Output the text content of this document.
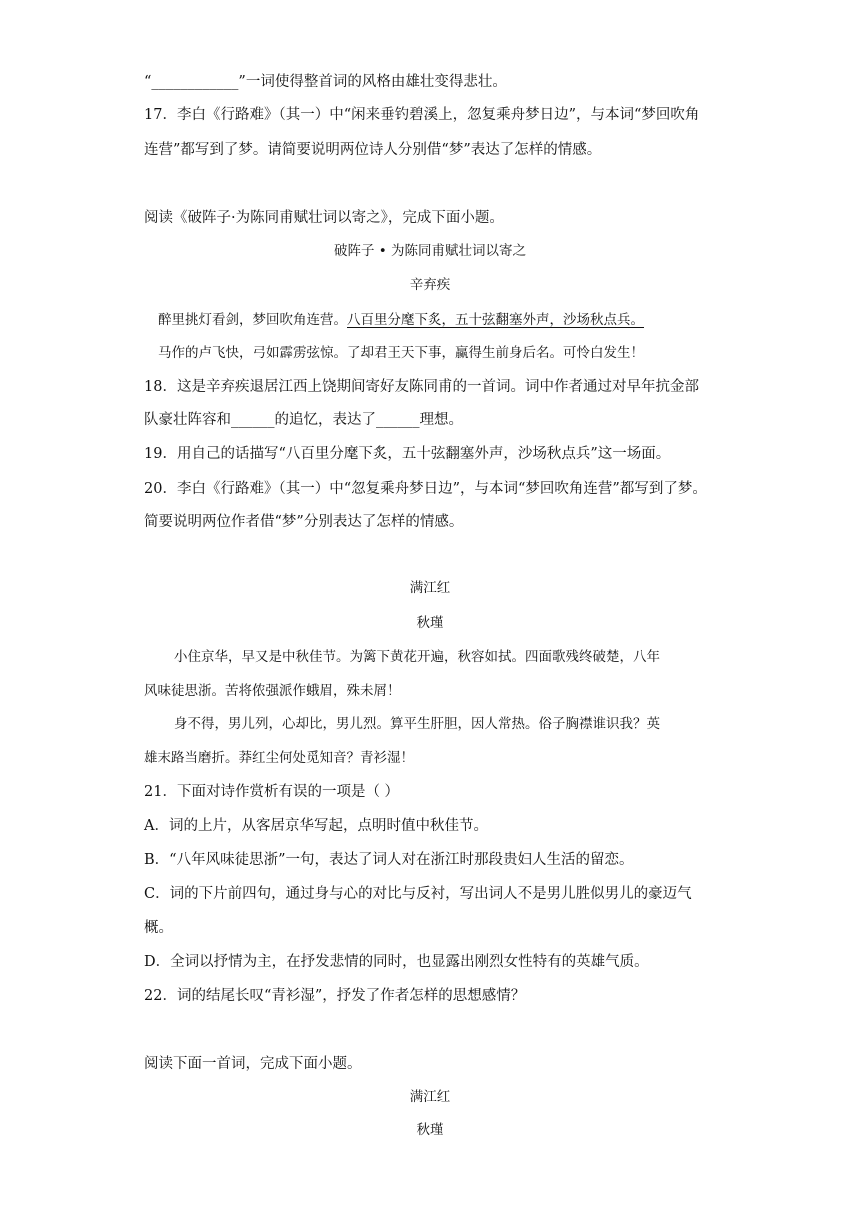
“____________”一词使得整首词的风格由雄壮变得悲壮。
17．李白《行路难》（其一）中“闲来垂钓碧溪上，忽复乘舟梦日边”，与本词“梦回吹角
连营”都写到了梦。请简要说明两位诗人分别借“梦”表达了怎样的情感。
阅读《破阵子·为陈同甫赋壮词以寄之》，完成下面小题。
破阵子 • 为陈同甫赋壮词以寄之
辛弃疾
醉里挑灯看剑，梦回吹角连营。八百里分麾下炙，五十弦翻塞外声，沙场秋点兵。
马作的卢飞快，弓如霹雳弦惊。了却君王天下事，赢得生前身后名。可怜白发生！
18．这是辛弃疾退居江西上饶期间寄好友陈同甫的一首词。词中作者通过对早年抗金部
队豪壮阵容和______的追忆，表达了______理想。
19．用自己的话描写“八百里分麾下炙，五十弦翻塞外声，沙场秋点兵”这一场面。
20．李白《行路难》（其一）中“忽复乘舟梦日边”，与本词“梦回吹角连营”都写到了梦。
简要说明两位作者借“梦”分别表达了怎样的情感。
满江红
秋瑾
小住京华，早又是中秋佳节。为篱下黄花开遍，秋容如拭。四面歌残终破楚，八年
风味徒思浙。苦将侬强派作蛾眉，殊未屑！
身不得，男儿列，心却比，男儿烈。算平生肝胆，因人常热。俗子胸襟谁识我？英
雄末路当磨折。莽红尘何处觅知音？青衫湿！
21．下面对诗作赏析有误的一项是（ ）
A．词的上片，从客居京华写起，点明时值中秋佳节。
B．“八年风味徒思浙”一句，表达了词人对在浙江时那段贵妇人生活的留恋。
C．词的下片前四句，通过身与心的对比与反衬，写出词人不是男儿胜似男儿的豪迈气
概。
D．全词以抒情为主，在抒发悲情的同时，也显露出刚烈女性特有的英雄气质。
22．词的结尾长叹“青衫湿”，抒发了作者怎样的思想感情？
阅读下面一首词，完成下面小题。
满江红
秋瑾
